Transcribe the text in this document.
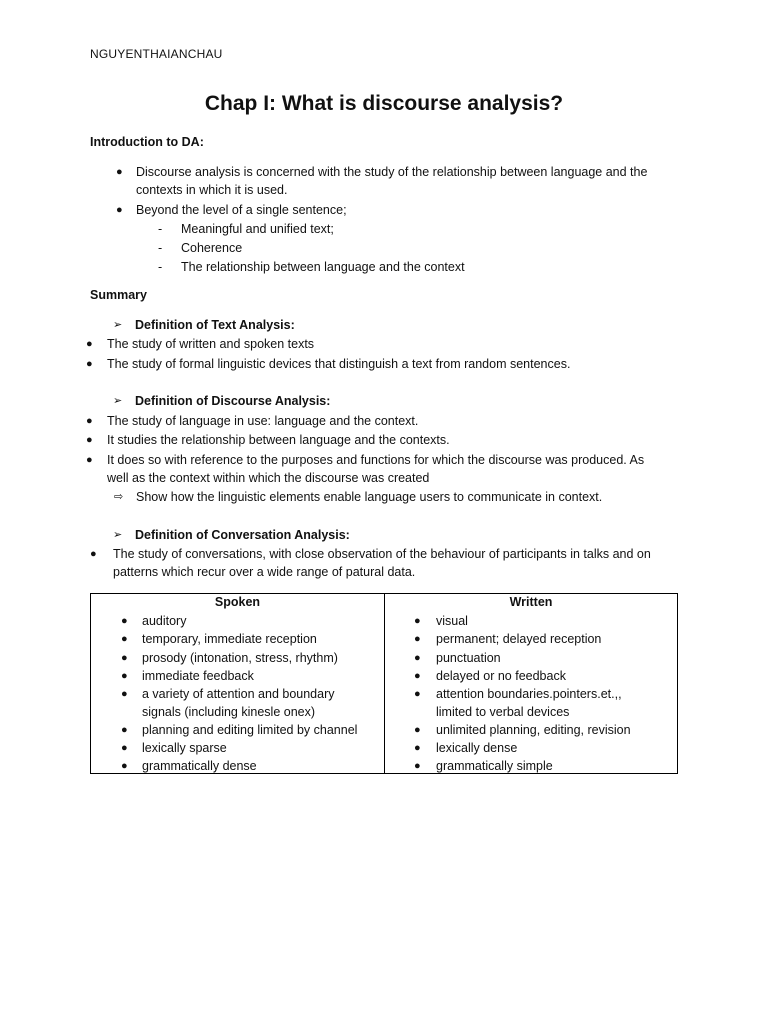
NGUYENTHAIANCHAU
Chap I: What is discourse analysis?
Introduction to DA:
● Discourse analysis is concerned with the study of the relationship between language and the
contexts in which it is used.
● Beyond the level of a single sentence;
- Meaningful and unified text;
- Coherence
- The relationship between language and the context
Summary
➢ Definition of Text Analysis:
● The study of written and spoken texts
● The study of formal linguistic devices that distinguish a text from random sentences.
➢ Definition of Discourse Analysis:
● The study of language in use: language and the context.
● It studies the relationship between language and the contexts.
● It does so with reference to the purposes and functions for which the discourse was produced. As
well as the context within which the discourse was created
⇨ Show how the linguistic elements enable language users to communicate in context.
➢ Definition of Conversation Analysis:
● The study of conversations, with close observation of the behaviour of participants in talks and on
patterns which recur over a wide range of patural data.
Spoken	Written
● auditory
● temporary, immediate reception
● prosody (intonation, stress, rhythm)
● immediate feedback
● a variety of attention and boundary
signals (including kinesle onex)
● planning and editing limited by channel
● lexically sparse
● grammatically dense
● visual
● permanent; delayed reception
● punctuation
● delayed or no feedback
● attention boundaries.pointers.et.,,
limited to verbal devices
● unlimited planning, editing, revision
● lexically dense
● grammatically simple
